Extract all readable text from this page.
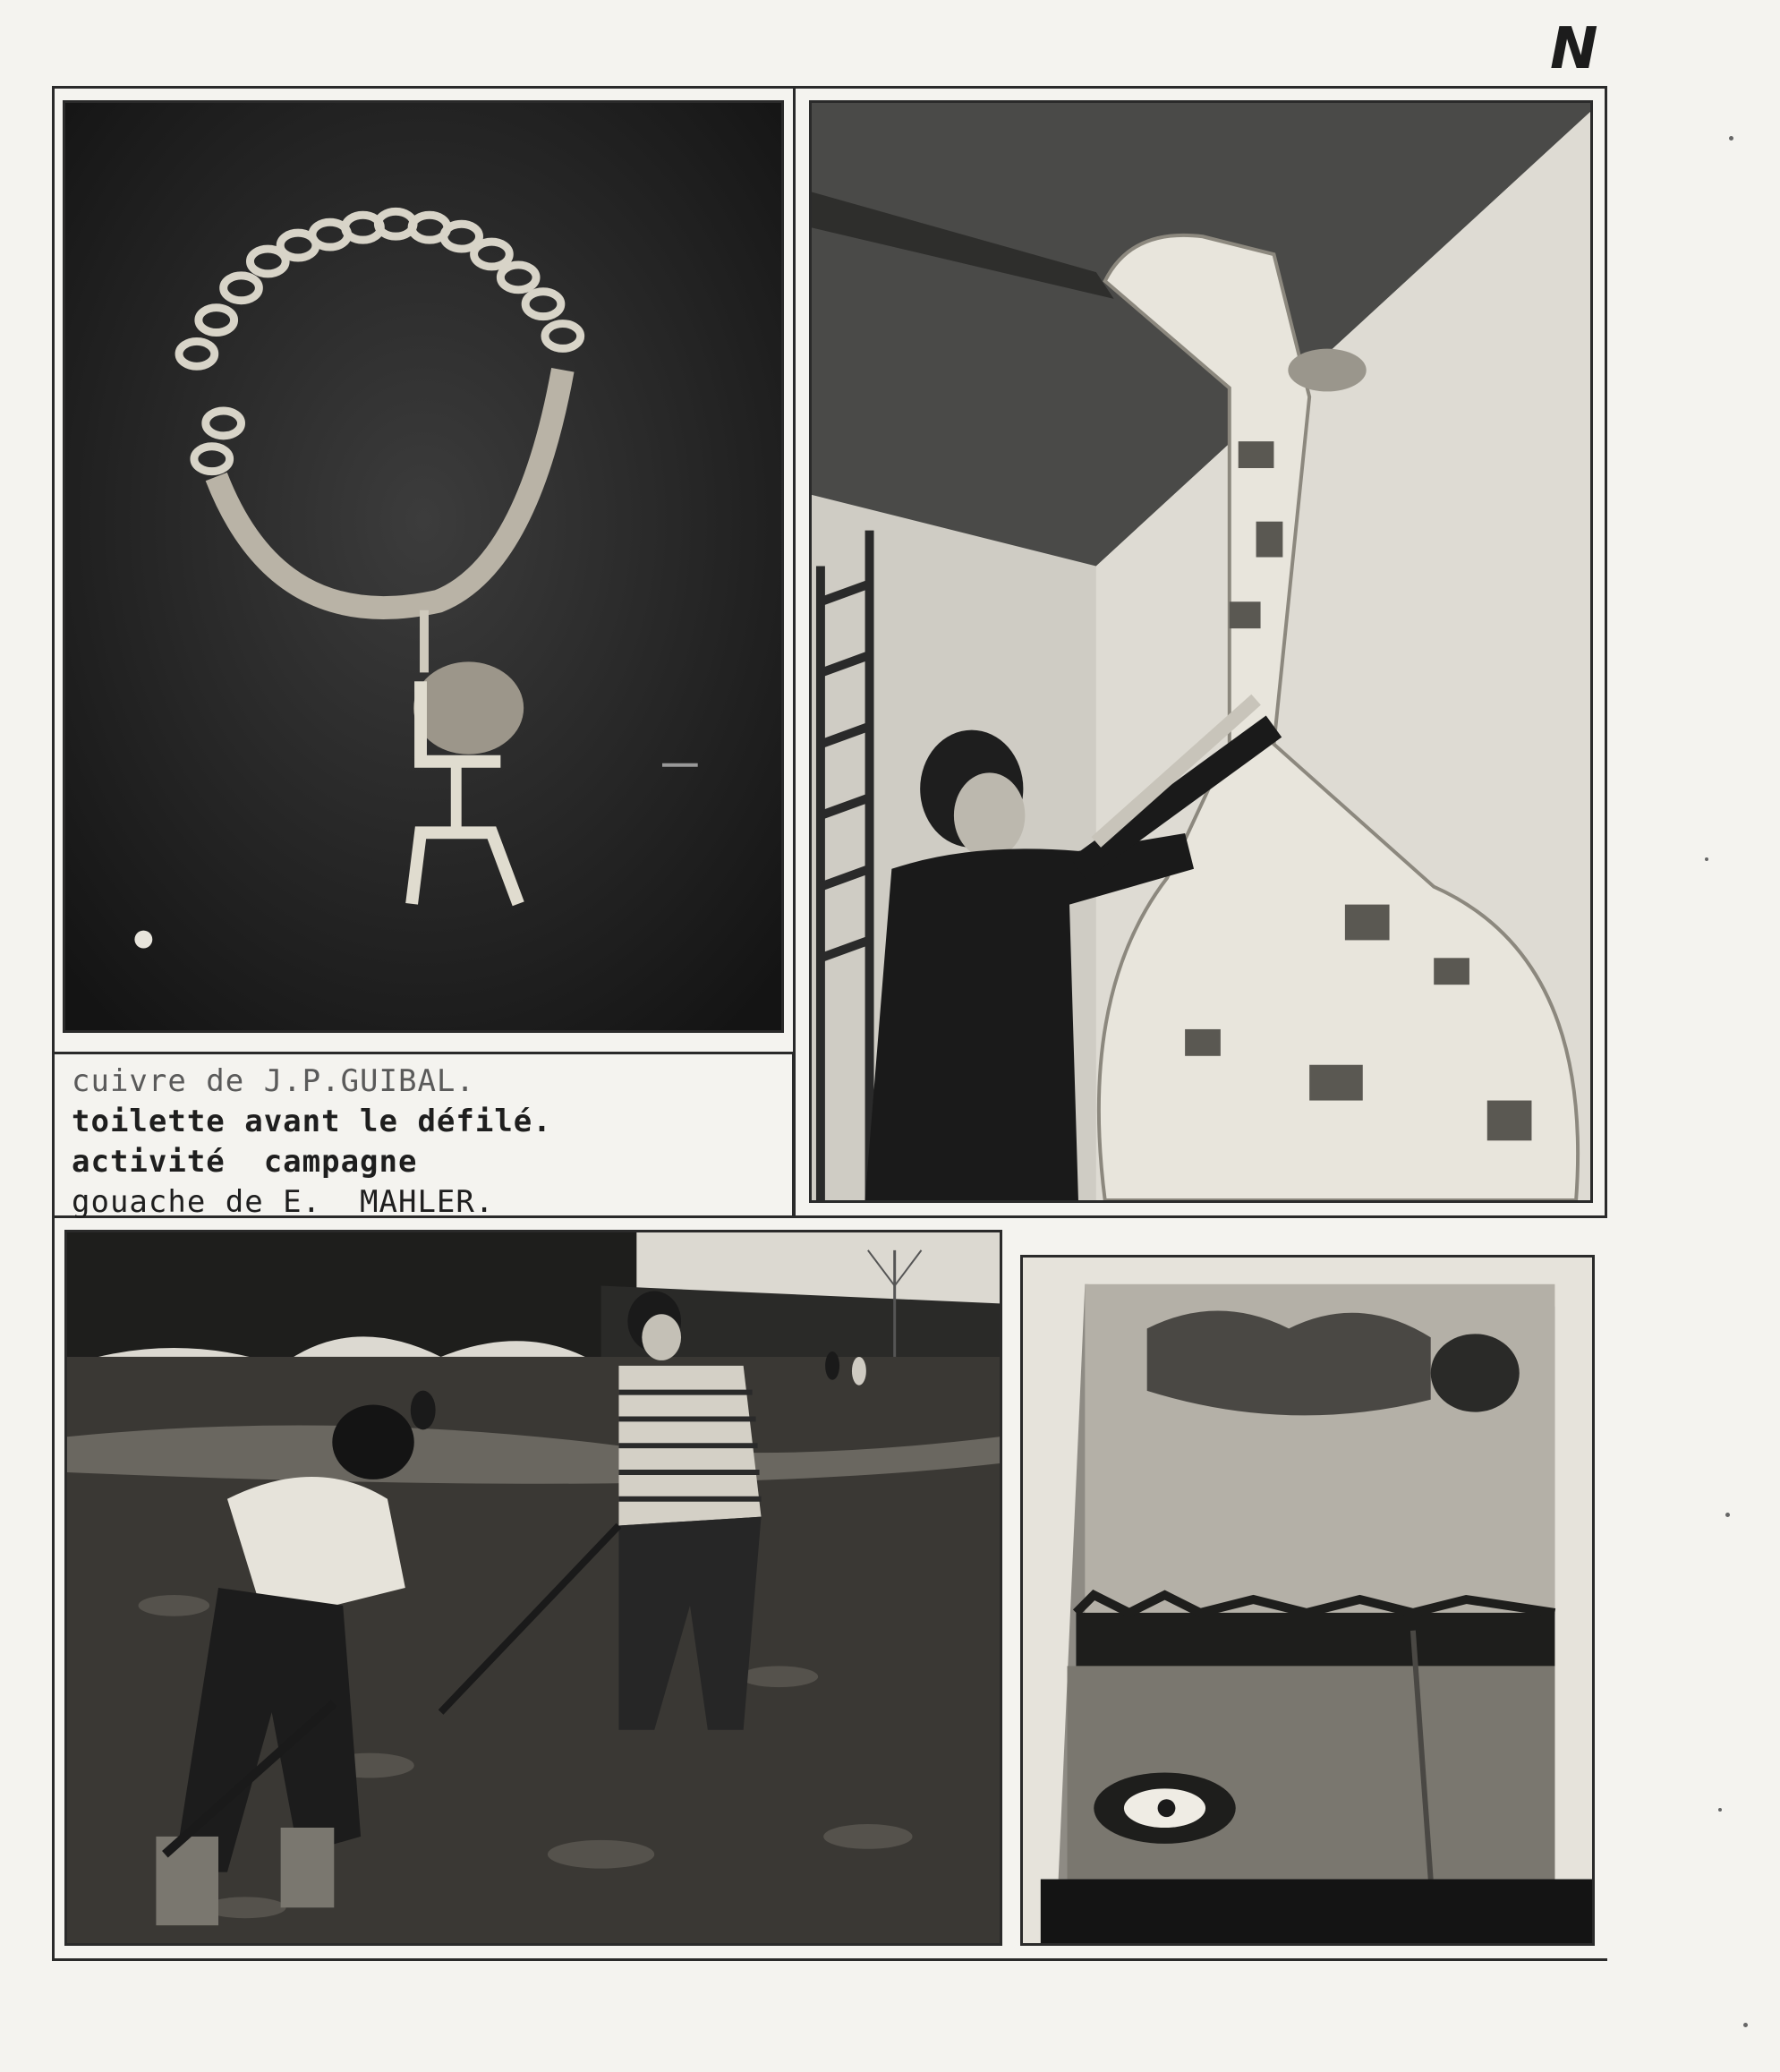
N
cuivre de J.P.GUIBAL.
toilette avant le défilé.
activité  campagne
gouache de E.  MAHLER.
